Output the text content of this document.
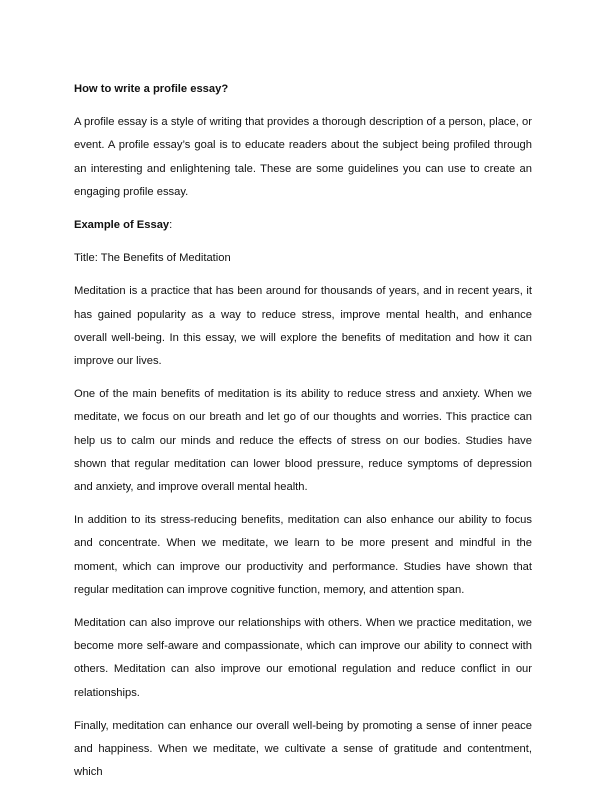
How to write a profile essay?

A profile essay is a style of writing that provides a thorough description of a person, place, or event. A profile essay’s goal is to educate readers about the subject being profiled through an interesting and enlightening tale. These are some guidelines you can use to create an engaging profile essay.

Example of Essay:

Title: The Benefits of Meditation

Meditation is a practice that has been around for thousands of years, and in recent years, it has gained popularity as a way to reduce stress, improve mental health, and enhance overall well-being. In this essay, we will explore the benefits of meditation and how it can improve our lives.

One of the main benefits of meditation is its ability to reduce stress and anxiety. When we meditate, we focus on our breath and let go of our thoughts and worries. This practice can help us to calm our minds and reduce the effects of stress on our bodies. Studies have shown that regular meditation can lower blood pressure, reduce symptoms of depression and anxiety, and improve overall mental health.

In addition to its stress-reducing benefits, meditation can also enhance our ability to focus and concentrate. When we meditate, we learn to be more present and mindful in the moment, which can improve our productivity and performance. Studies have shown that regular meditation can improve cognitive function, memory, and attention span.

Meditation can also improve our relationships with others. When we practice meditation, we become more self-aware and compassionate, which can improve our ability to connect with others. Meditation can also improve our emotional regulation and reduce conflict in our relationships.

Finally, meditation can enhance our overall well-being by promoting a sense of inner peace and happiness. When we meditate, we cultivate a sense of gratitude and contentment, which
